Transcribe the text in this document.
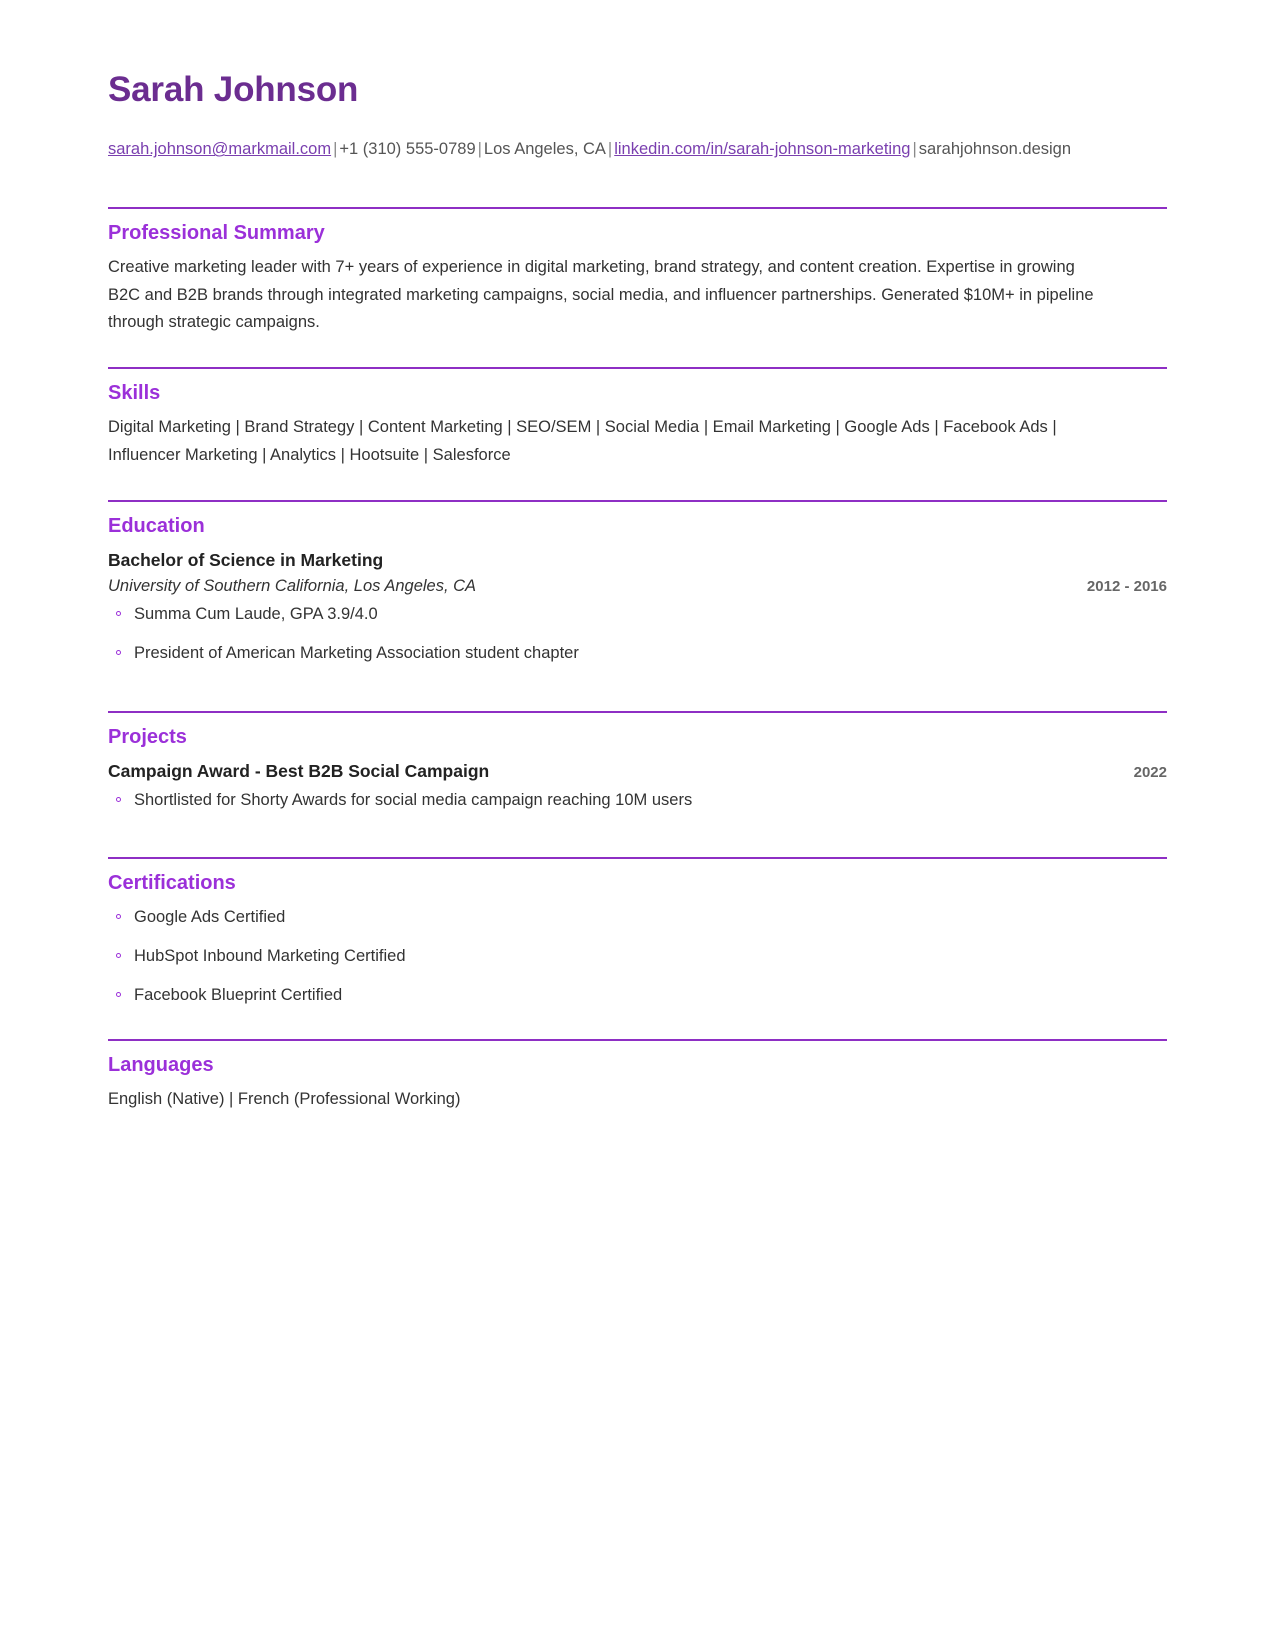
Sarah Johnson
sarah.johnson@markmail.com | +1 (310) 555-0789 | Los Angeles, CA | linkedin.com/in/sarah-johnson-marketing | sarahjohnson.design
Professional Summary

Creative marketing leader with 7+ years of experience in digital marketing, brand strategy, and content creation. Expertise in growing B2C and B2B brands through integrated marketing campaigns, social media, and influencer partnerships. Generated $10M+ in pipeline through strategic campaigns.

Skills

Digital Marketing | Brand Strategy | Content Marketing | SEO/SEM | Social Media | Email Marketing | Google Ads | Facebook Ads | Influencer Marketing | Analytics | Hootsuite | Salesforce

Education
Bachelor of Science in Marketing
University of Southern California, Los Angeles, CA	2012 - 2016
Summa Cum Laude, GPA 3.9/4.0
President of American Marketing Association student chapter
Projects
Campaign Award - Best B2B Social Campaign	2022
Shortlisted for Shorty Awards for social media campaign reaching 10M users
Certifications
Google Ads Certified
HubSpot Inbound Marketing Certified
Facebook Blueprint Certified
Languages

English (Native) | French (Professional Working)
